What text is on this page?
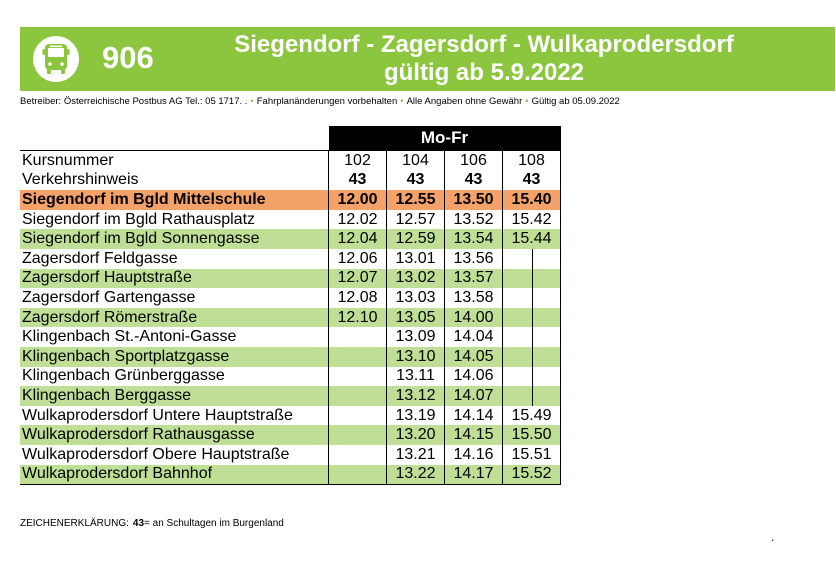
906	Siegendorf - Zagersdorf - Wulkaprodersdorf
gültig ab 5.9.2022
Betreiber: Österreichische Postbus AG Tel.: 05 1717. . • Fahrplanänderungen vorbehalten • Alle Angaben ohne Gewähr • Gültig ab 05.09.2022
	Mo-Fr			
Kursnummer	102	104	106	108
Verkehrshinweis	43	43	43	43
Siegendorf im Bgld Mittelschule	12.00	12.55	13.50	15.40
Siegendorf im Bgld Rathausplatz	12.02	12.57	13.52	15.42
Siegendorf im Bgld Sonnengasse	12.04	12.59	13.54	15.44
Zagersdorf Feldgasse	12.06	13.01	13.56	
Zagersdorf Hauptstraße	12.07	13.02	13.57	
Zagersdorf Gartengasse	12.08	13.03	13.58	
Zagersdorf Römerstraße	12.10	13.05	14.00	
Klingenbach St.-Antoni-Gasse		13.09	14.04	
Klingenbach Sportplatzgasse		13.10	14.05	
Klingenbach Grünberggasse		13.11	14.06	
Klingenbach Berggasse		13.12	14.07	
Wulkaprodersdorf Untere Hauptstraße		13.19	14.14	15.49
Wulkaprodersdorf Rathausgasse		13.20	14.15	15.50
Wulkaprodersdorf Obere Hauptstraße		13.21	14.16	15.51
Wulkaprodersdorf Bahnhof		13.22	14.17	15.52
ZEICHENERKLÄRUNG: 43= an Schultagen im Burgenland
.
